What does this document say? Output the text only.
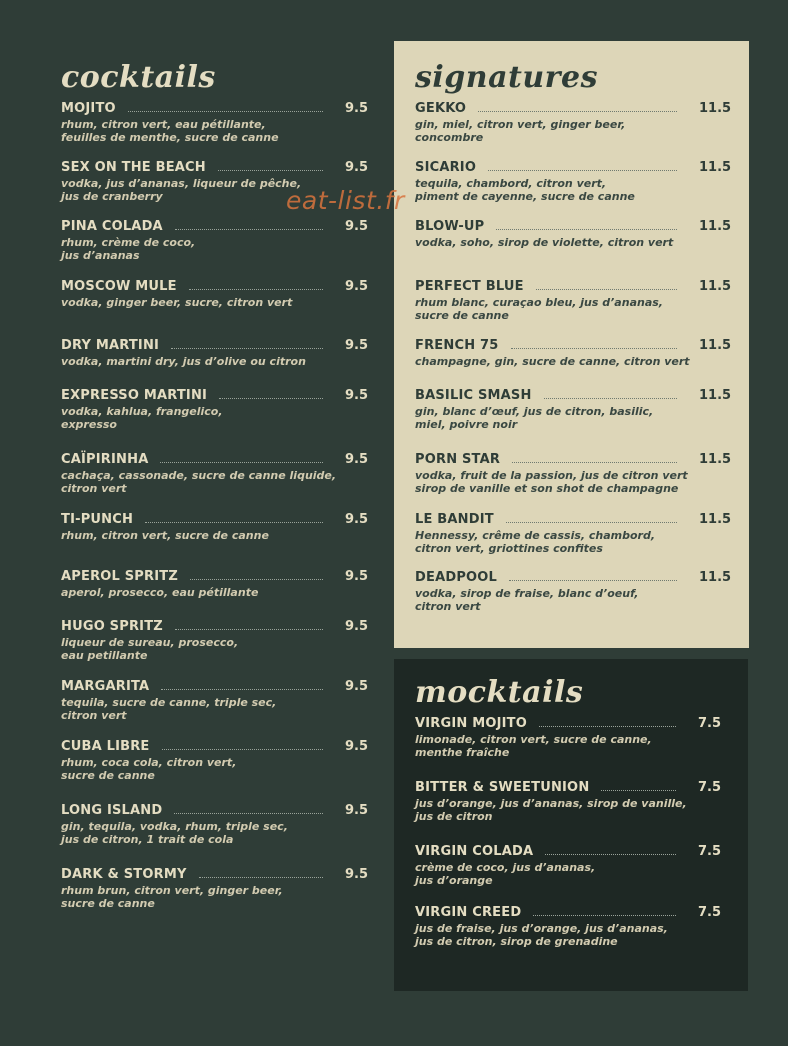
cocktails
MOJITO	9.5
rhum, citron vert, eau pétillante,
feuilles de menthe, sucre de canne
SEX ON THE BEACH	9.5
vodka, jus d’ananas, liqueur de pêche,
jus de cranberry
PINA COLADA	9.5
rhum, crème de coco,
jus d’ananas
MOSCOW MULE	9.5
vodka, ginger beer, sucre, citron vert
DRY MARTINI	9.5
vodka, martini dry, jus d’olive ou citron
EXPRESSO MARTINI	9.5
vodka, kahlua, frangelico,
expresso
CAÏPIRINHA	9.5
cachaça, cassonade, sucre de canne liquide,
citron vert
TI-PUNCH	9.5
rhum, citron vert, sucre de canne
APEROL SPRITZ	9.5
aperol, prosecco, eau pétillante
HUGO SPRITZ	9.5
liqueur de sureau, prosecco,
eau petillante
MARGARITA	9.5
tequila, sucre de canne, triple sec,
citron vert
CUBA LIBRE	9.5
rhum, coca cola, citron vert,
sucre de canne
LONG ISLAND	9.5
gin, tequila, vodka, rhum, triple sec,
jus de citron, 1 trait de cola
DARK & STORMY	9.5
rhum brun, citron vert, ginger beer,
sucre de canne
signatures
GEKKO	11.5
gin, miel, citron vert, ginger beer,
concombre
SICARIO	11.5
tequila, chambord, citron vert,
piment de cayenne, sucre de canne
BLOW-UP	11.5
vodka, soho, sirop de violette, citron vert
PERFECT BLUE	11.5
rhum blanc, curaçao bleu, jus d’ananas,
sucre de canne
FRENCH 75	11.5
champagne, gin, sucre de canne, citron vert
BASILIC SMASH	11.5
gin, blanc d’œuf, jus de citron, basilic,
miel, poivre noir
PORN STAR	11.5
vodka, fruit de la passion, jus de citron vert
sirop de vanille et son shot de champagne
LE BANDIT	11.5
Hennessy, crême de cassis, chambord,
citron vert, griottines confites
DEADPOOL	11.5
vodka, sirop de fraise, blanc d’oeuf,
citron vert
mocktails
VIRGIN MOJITO	7.5
limonade, citron vert, sucre de canne,
menthe fraîche
BITTER & SWEETUNION	7.5
jus d’orange, jus d’ananas, sirop de vanille,
jus de citron
VIRGIN COLADA	7.5
crème de coco, jus d’ananas,
jus d’orange
VIRGIN CREED	7.5
jus de fraise, jus d’orange, jus d’ananas,
jus de citron, sirop de grenadine
eat-list.fr
